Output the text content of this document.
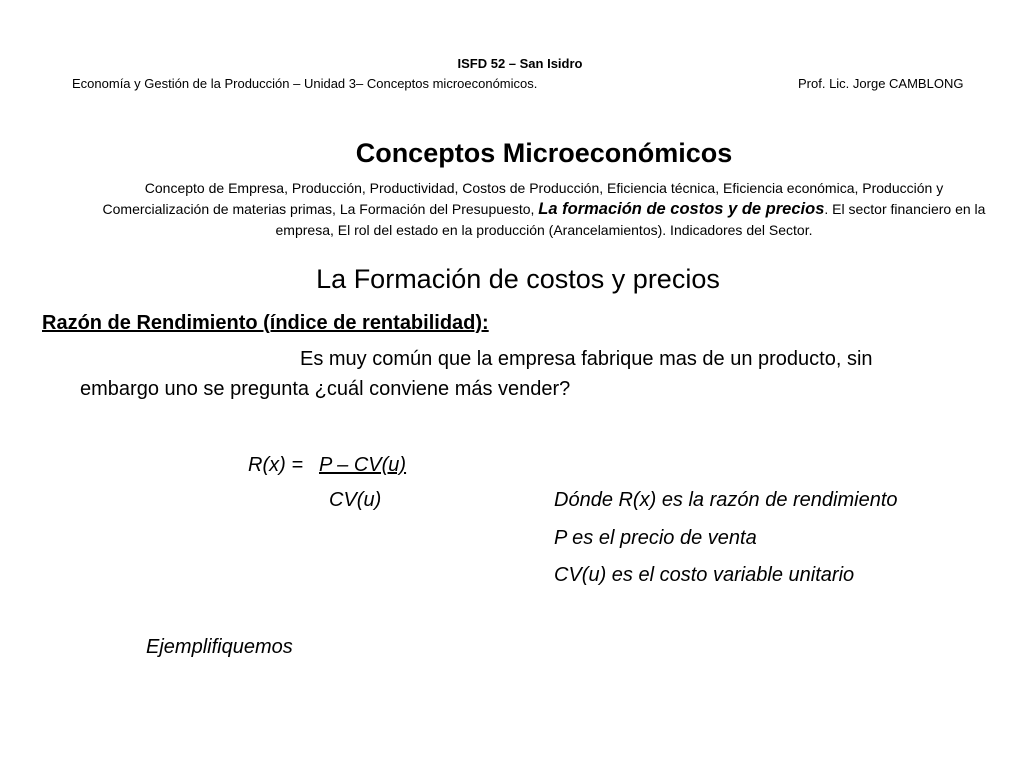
ISFD 52 – San Isidro
Economía y Gestión de la Producción – Unidad 3– Conceptos microeconómicos.	Prof. Lic. Jorge CAMBLONG
Conceptos Microeconómicos
Concepto de Empresa, Producción, Productividad, Costos de Producción, Eficiencia técnica, Eficiencia económica, Producción y Comercialización de materias primas, La Formación del Presupuesto, La formación de costos y de precios. El sector financiero en la empresa, El rol del estado en la producción (Arancelamientos). Indicadores del Sector.
La Formación de costos y precios
Razón de Rendimiento (índice de rentabilidad):
Es muy común que la empresa fabrique mas de un producto, sin
embargo uno se pregunta ¿cuál conviene más vender?
R(x) = P – CV(u)
CV(u)	Dónde R(x) es la razón de rendimiento
P es el precio de venta
CV(u) es el costo variable unitario
Ejemplifiquemos
